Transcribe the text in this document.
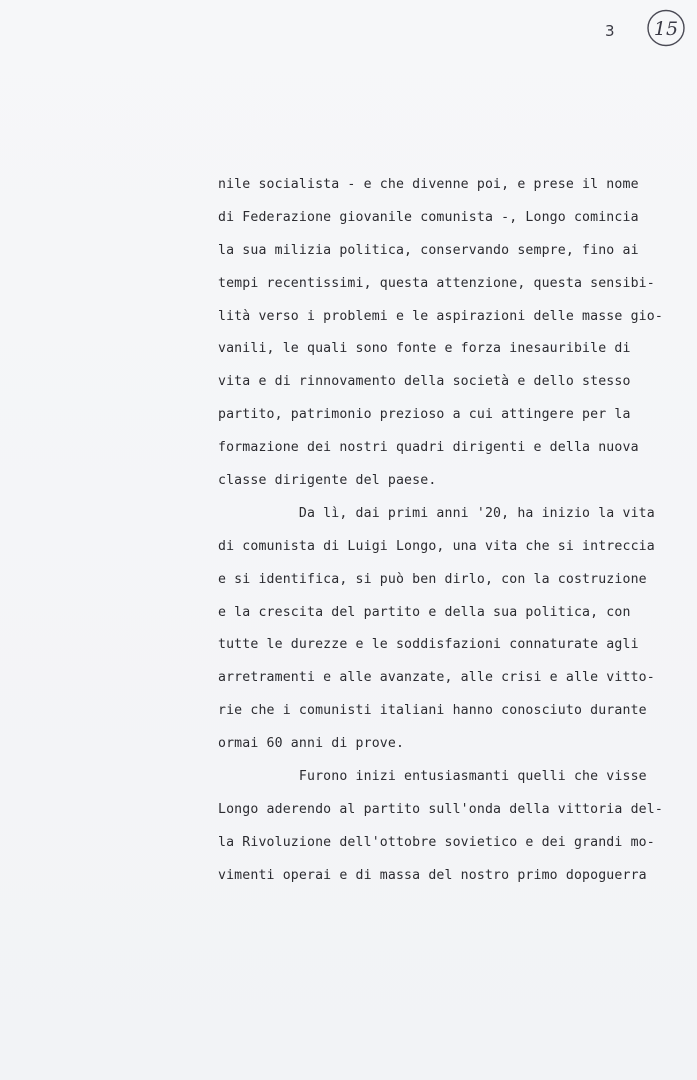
3 15
nile socialista - e che divenne poi, e prese il nome
di Federazione giovanile comunista -, Longo comincia
la sua milizia politica, conservando sempre, fino ai
tempi recentissimi, questa attenzione, questa sensibi-
lità verso i problemi e le aspirazioni delle masse gio-
vanili, le quali sono fonte e forza inesauribile di
vita e di rinnovamento della società e dello stesso
partito, patrimonio prezioso a cui attingere per la
formazione dei nostri quadri dirigenti e della nuova
classe dirigente del paese.
Da lì, dai primi anni '20, ha inizio la vita
di comunista di Luigi Longo, una vita che si intreccia
e si identifica, si può ben dirlo, con la costruzione
e la crescita del partito e della sua politica, con
tutte le durezze e le soddisfazioni connaturate agli
arretramenti e alle avanzate, alle crisi e alle vitto-
rie che i comunisti italiani hanno conosciuto durante
ormai 60 anni di prove.
Furono inizi entusiasmanti quelli che visse
Longo aderendo al partito sull'onda della vittoria del-
la Rivoluzione dell'ottobre sovietico e dei grandi mo-
vimenti operai e di massa del nostro primo dopoguerra
